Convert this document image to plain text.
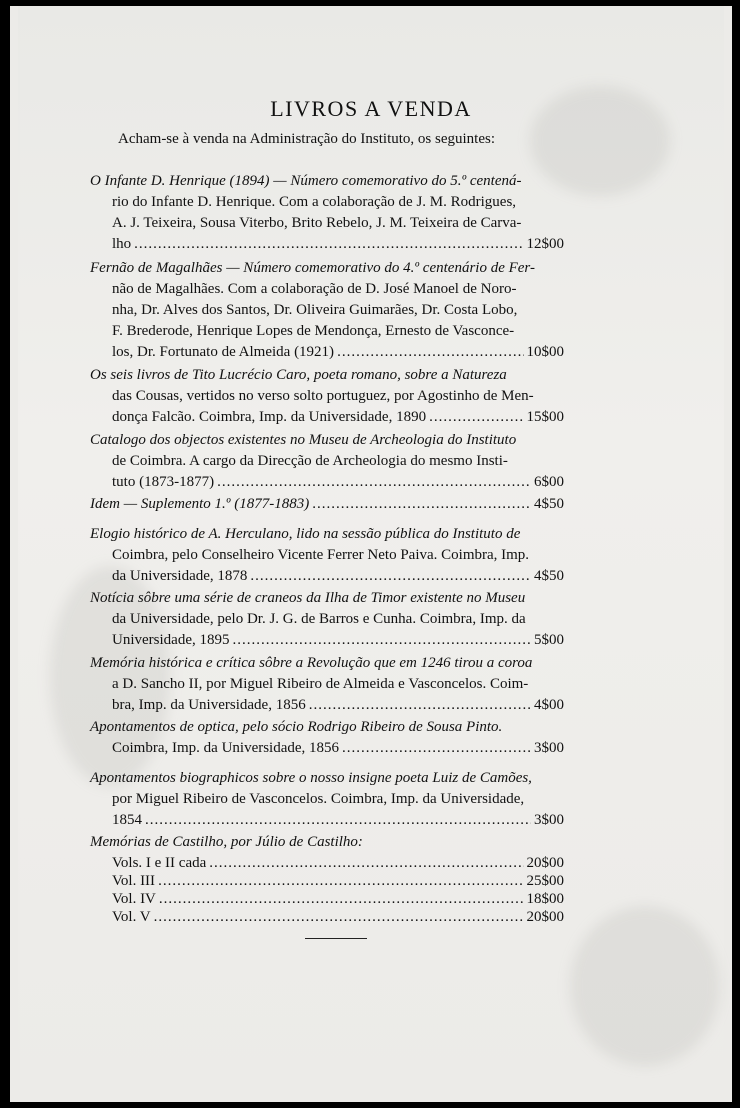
LIVROS A VENDA
Acham-se à venda na Administração do Instituto, os seguintes:
O Infante D. Henrique (1894) — Número comemorativo do 5.º centená-
rio do Infante D. Henrique. Com a colaboração de J. M. Rodrigues,
A. J. Teixeira, Sousa Viterbo, Brito Rebelo, J. M. Teixeira de Carva-
lho .....	12$00
Fernão de Magalhães — Número comemorativo do 4.º centenário de Fer-
não de Magalhães. Com a colaboração de D. José Manoel de Noro-
nha, Dr. Alves dos Santos, Dr. Oliveira Guimarães, Dr. Costa Lobo,
F. Brederode, Henrique Lopes de Mendonça, Ernesto de Vasconce-
los, Dr. Fortunato de Almeida (1921) .....	10$00
Os seis livros de Tito Lucrécio Caro, poeta romano, sobre a Natureza
das Cousas, vertidos no verso solto portuguez, por Agostinho de Men-
donça Falcão. Coimbra, Imp. da Universidade, 1890 .....	15$00
Catalogo dos objectos existentes no Museu de Archeologia do Instituto
de Coimbra. A cargo da Direcção de Archeologia do mesmo Insti-
tuto (1873-1877) .....	6$00
Idem — Suplemento 1.º (1877-1883) .....	4$50
Elogio histórico de A. Herculano, lido na sessão pública do Instituto de
Coimbra, pelo Conselheiro Vicente Ferrer Neto Paiva. Coimbra, Imp.
da Universidade, 1878 .....	4$50
Notícia sôbre uma série de craneos da Ilha de Timor existente no Museu
da Universidade, pelo Dr. J. G. de Barros e Cunha. Coimbra, Imp. da
Universidade, 1895 .....	5$00
Memória histórica e crítica sôbre a Revolução que em 1246 tirou a coroa
a D. Sancho II, por Miguel Ribeiro de Almeida e Vasconcelos. Coim-
bra, Imp. da Universidade, 1856 .....	4$00
Apontamentos de optica, pelo sócio Rodrigo Ribeiro de Sousa Pinto.
Coimbra, Imp. da Universidade, 1856 .....	3$00
Apontamentos biographicos sobre o nosso insigne poeta Luiz de Camões,
por Miguel Ribeiro de Vasconcelos. Coimbra, Imp. da Universidade,
1854 .....	3$00
Memórias de Castilho, por Júlio de Castilho:
Vols. I e II cada .....	20$00
Vol. III .....	25$00
Vol. IV .....	18$00
Vol. V .....	20$00
